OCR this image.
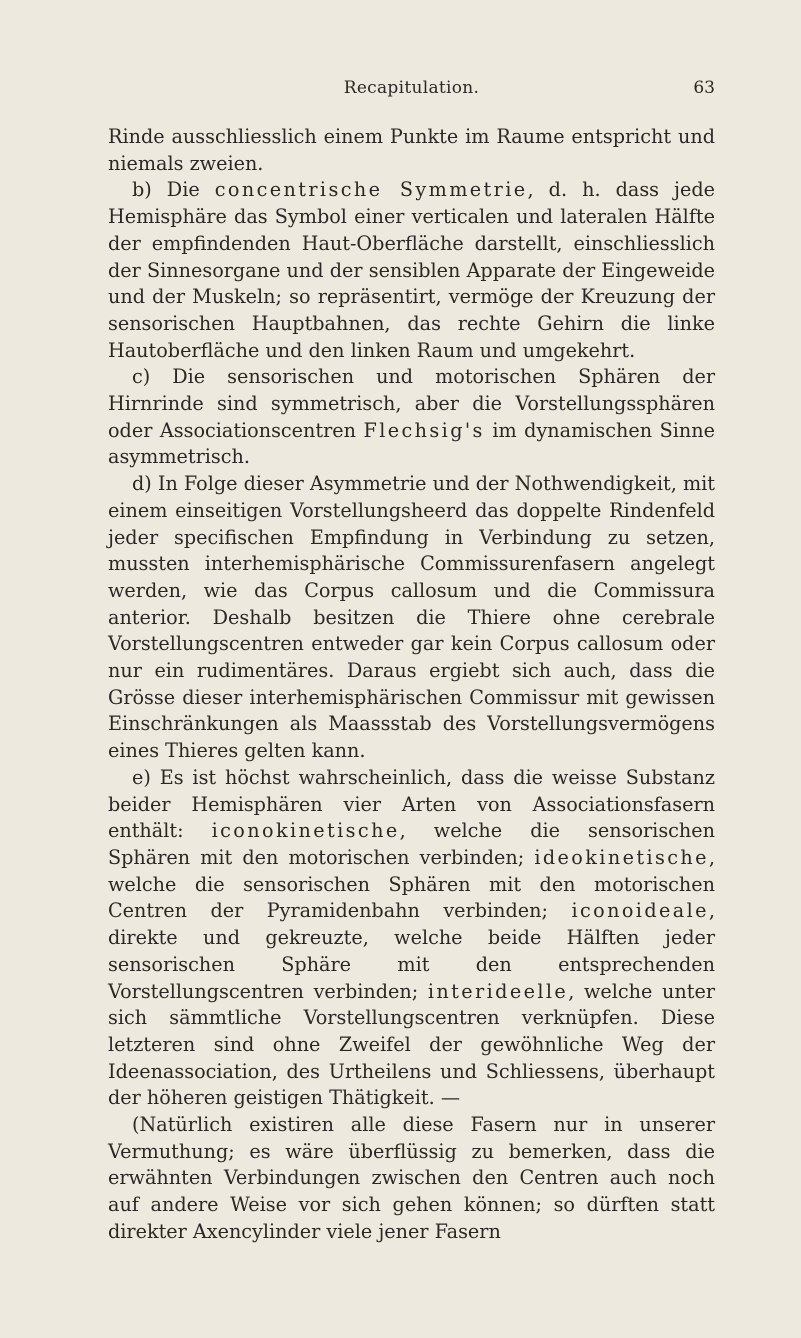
Recapitulation.	63

Rinde ausschliesslich einem Punkte im Raume entspricht und niemals zweien.

b) Die concentrische Symmetrie, d. h. dass jede Hemisphäre das Symbol einer verticalen und lateralen Hälfte der empfindenden Haut-Oberfläche darstellt, einschliesslich der Sinnesorgane und der sensiblen Apparate der Eingeweide und der Muskeln; so repräsentirt, vermöge der Kreuzung der sensorischen Hauptbahnen, das rechte Gehirn die linke Hautoberfläche und den linken Raum und umgekehrt.

c) Die sensorischen und motorischen Sphären der Hirnrinde sind symmetrisch, aber die Vorstellungssphären oder Associationscentren Flechsig's im dynamischen Sinne asymmetrisch.

d) In Folge dieser Asymmetrie und der Nothwendigkeit, mit einem einseitigen Vorstellungsheerd das doppelte Rindenfeld jeder specifischen Empfindung in Verbindung zu setzen, mussten interhemisphärische Commissurenfasern angelegt werden, wie das Corpus callosum und die Commissura anterior. Deshalb besitzen die Thiere ohne cerebrale Vorstellungscentren entweder gar kein Corpus callosum oder nur ein rudimentäres. Daraus ergiebt sich auch, dass die Grösse dieser interhemisphärischen Commissur mit gewissen Einschränkungen als Maassstab des Vorstellungsvermögens eines Thieres gelten kann.

e) Es ist höchst wahrscheinlich, dass die weisse Substanz beider Hemisphären vier Arten von Associationsfasern enthält: iconokinetische, welche die sensorischen Sphären mit den motorischen verbinden; ideokinetische, welche die sensorischen Sphären mit den motorischen Centren der Pyramidenbahn verbinden; iconoideale, direkte und gekreuzte, welche beide Hälften jeder sensorischen Sphäre mit den entsprechenden Vorstellungscentren verbinden; interideelle, welche unter sich sämmtliche Vorstellungscentren verknüpfen. Diese letzteren sind ohne Zweifel der gewöhnliche Weg der Ideenassociation, des Urtheilens und Schliessens, überhaupt der höheren geistigen Thätigkeit. —

(Natürlich existiren alle diese Fasern nur in unserer Vermuthung; es wäre überflüssig zu bemerken, dass die erwähnten Verbindungen zwischen den Centren auch noch auf andere Weise vor sich gehen können; so dürften statt direkter Axencylinder viele jener Fasern
